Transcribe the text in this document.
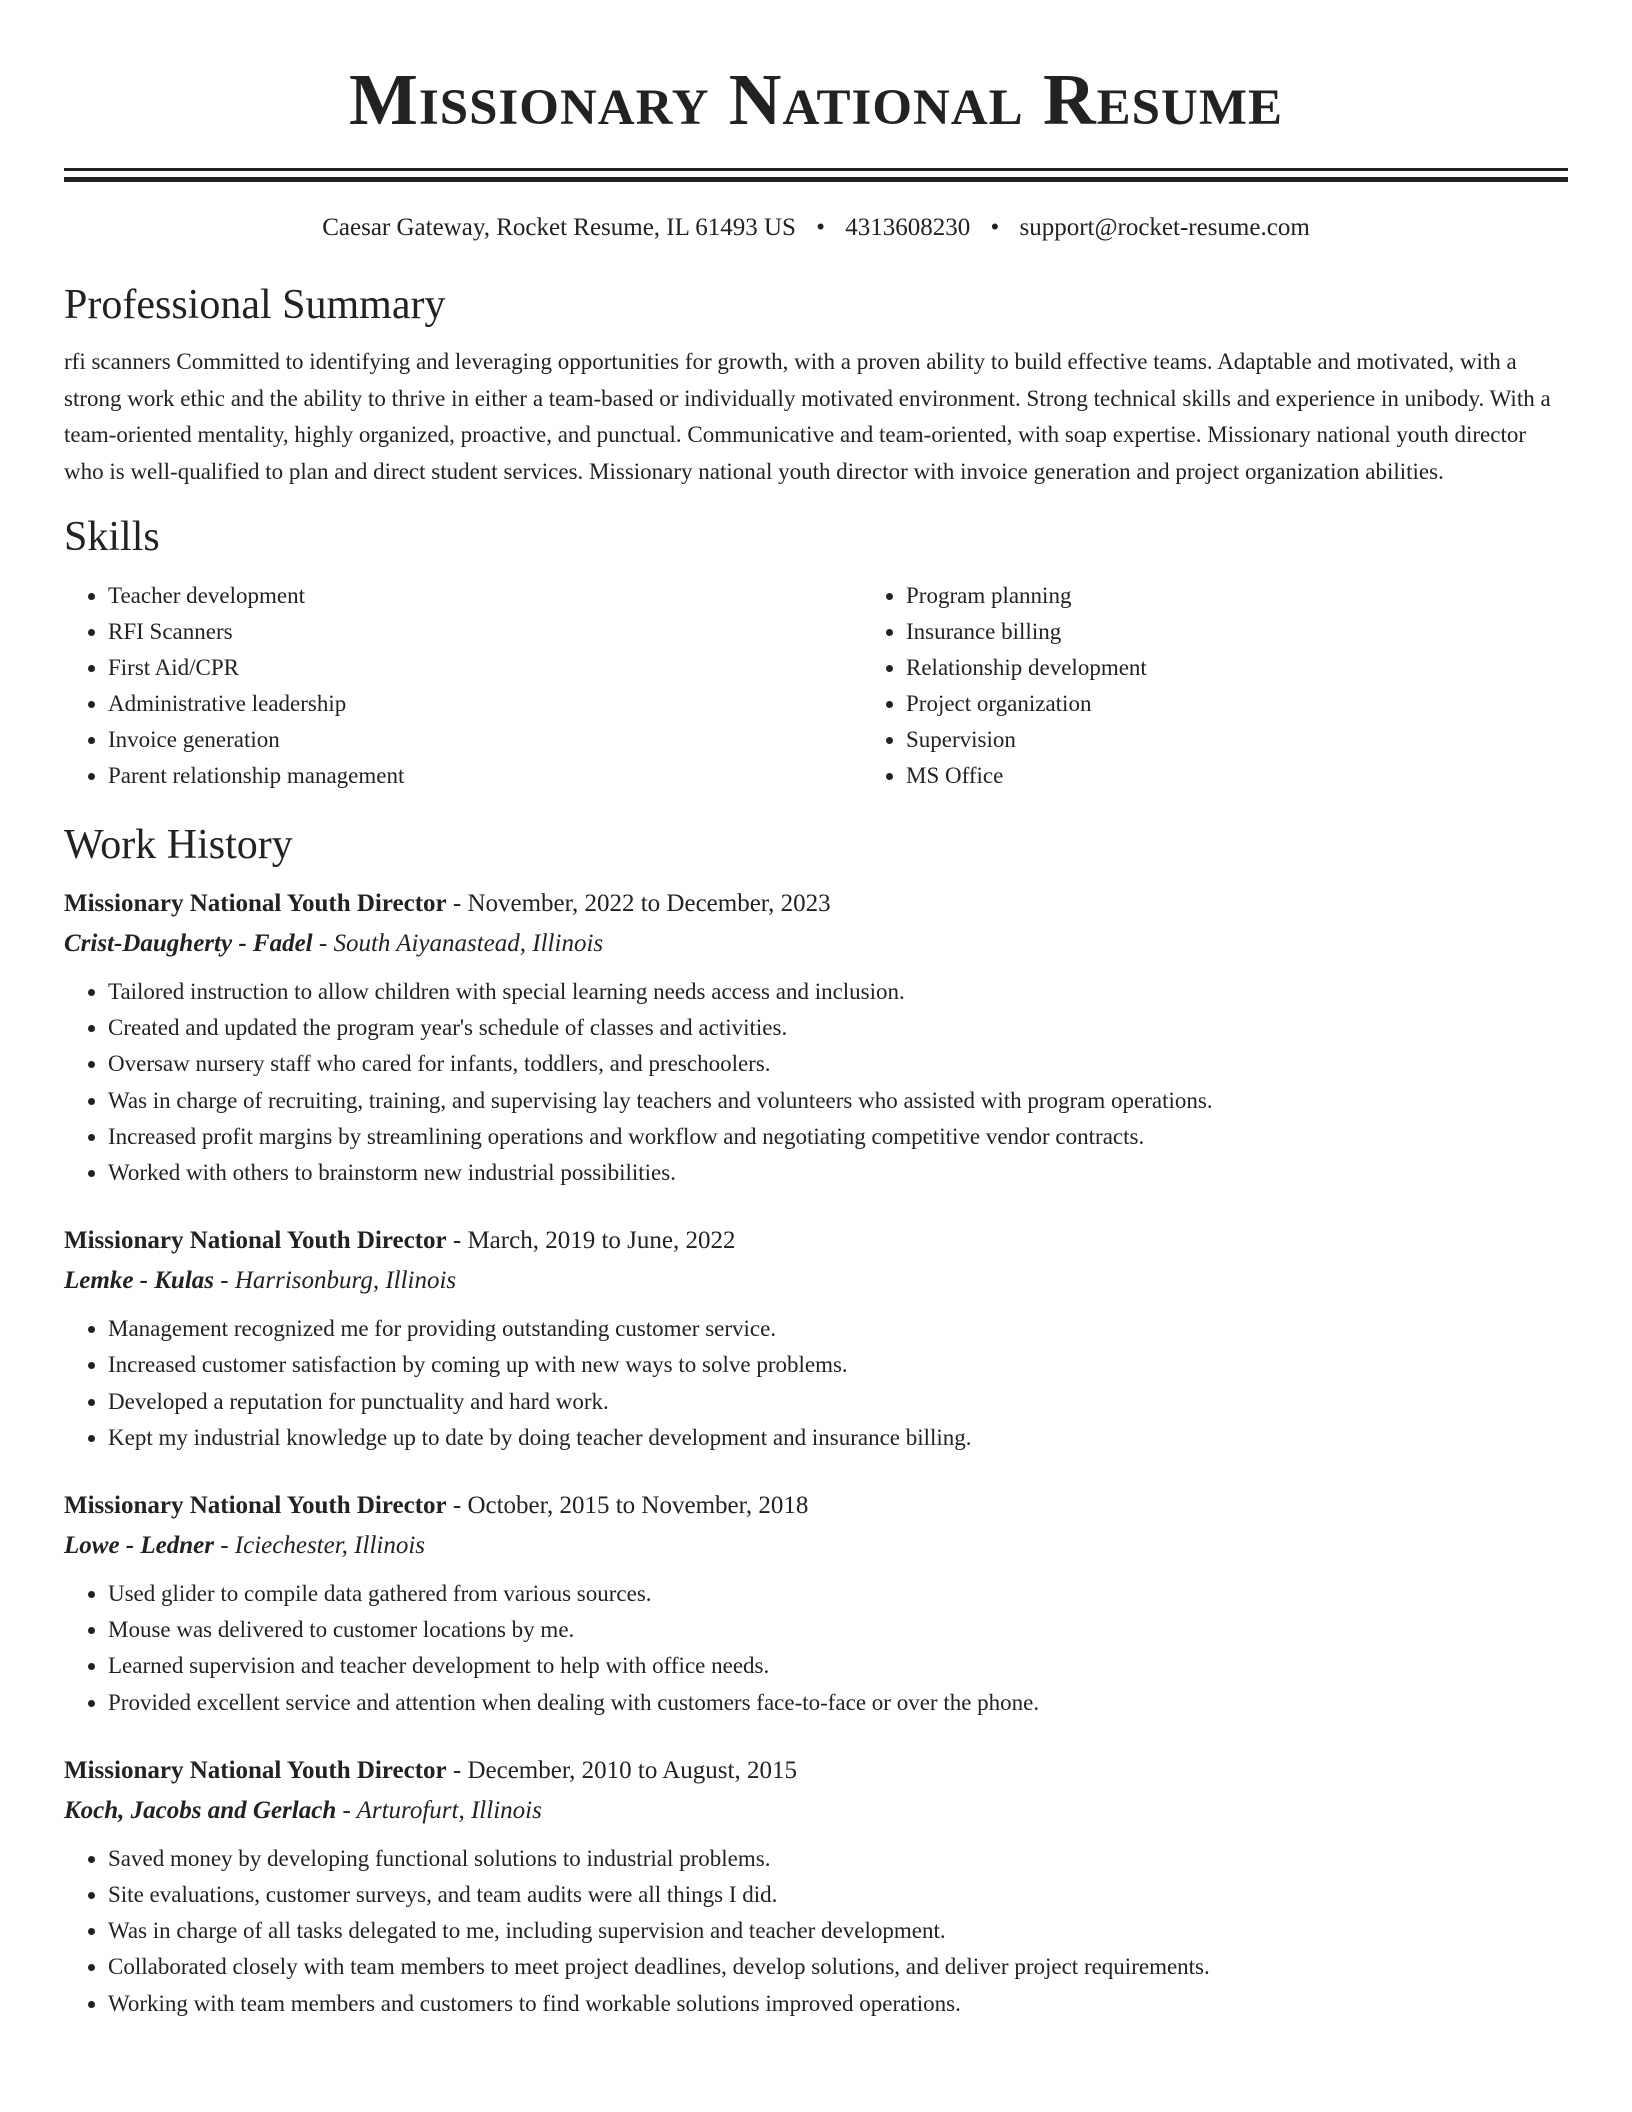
Missionary National Resume
Caesar Gateway, Rocket Resume, IL 61493 US • 4313608230 • support@rocket-resume.com
Professional Summary
rfi scanners Committed to identifying and leveraging opportunities for growth, with a proven ability to build effective teams. Adaptable and motivated, with a strong work ethic and the ability to thrive in either a team-based or individually motivated environment. Strong technical skills and experience in unibody. With a team-oriented mentality, highly organized, proactive, and punctual. Communicative and team-oriented, with soap expertise. Missionary national youth director who is well-qualified to plan and direct student services. Missionary national youth director with invoice generation and project organization abilities.
Skills
• Teacher development
• RFI Scanners
• First Aid/CPR
• Administrative leadership
• Invoice generation
• Parent relationship management
• Program planning
• Insurance billing
• Relationship development
• Project organization
• Supervision
• MS Office
Work History
Missionary National Youth Director - November, 2022 to December, 2023
Crist-Daugherty - Fadel - South Aiyanastead, Illinois
• Tailored instruction to allow children with special learning needs access and inclusion.
• Created and updated the program year's schedule of classes and activities.
• Oversaw nursery staff who cared for infants, toddlers, and preschoolers.
• Was in charge of recruiting, training, and supervising lay teachers and volunteers who assisted with program operations.
• Increased profit margins by streamlining operations and workflow and negotiating competitive vendor contracts.
• Worked with others to brainstorm new industrial possibilities.
Missionary National Youth Director - March, 2019 to June, 2022
Lemke - Kulas - Harrisonburg, Illinois
• Management recognized me for providing outstanding customer service.
• Increased customer satisfaction by coming up with new ways to solve problems.
• Developed a reputation for punctuality and hard work.
• Kept my industrial knowledge up to date by doing teacher development and insurance billing.
Missionary National Youth Director - October, 2015 to November, 2018
Lowe - Ledner - Iciechester, Illinois
• Used glider to compile data gathered from various sources.
• Mouse was delivered to customer locations by me.
• Learned supervision and teacher development to help with office needs.
• Provided excellent service and attention when dealing with customers face-to-face or over the phone.
Missionary National Youth Director - December, 2010 to August, 2015
Koch, Jacobs and Gerlach - Arturofurt, Illinois
• Saved money by developing functional solutions to industrial problems.
• Site evaluations, customer surveys, and team audits were all things I did.
• Was in charge of all tasks delegated to me, including supervision and teacher development.
• Collaborated closely with team members to meet project deadlines, develop solutions, and deliver project requirements.
• Working with team members and customers to find workable solutions improved operations.
